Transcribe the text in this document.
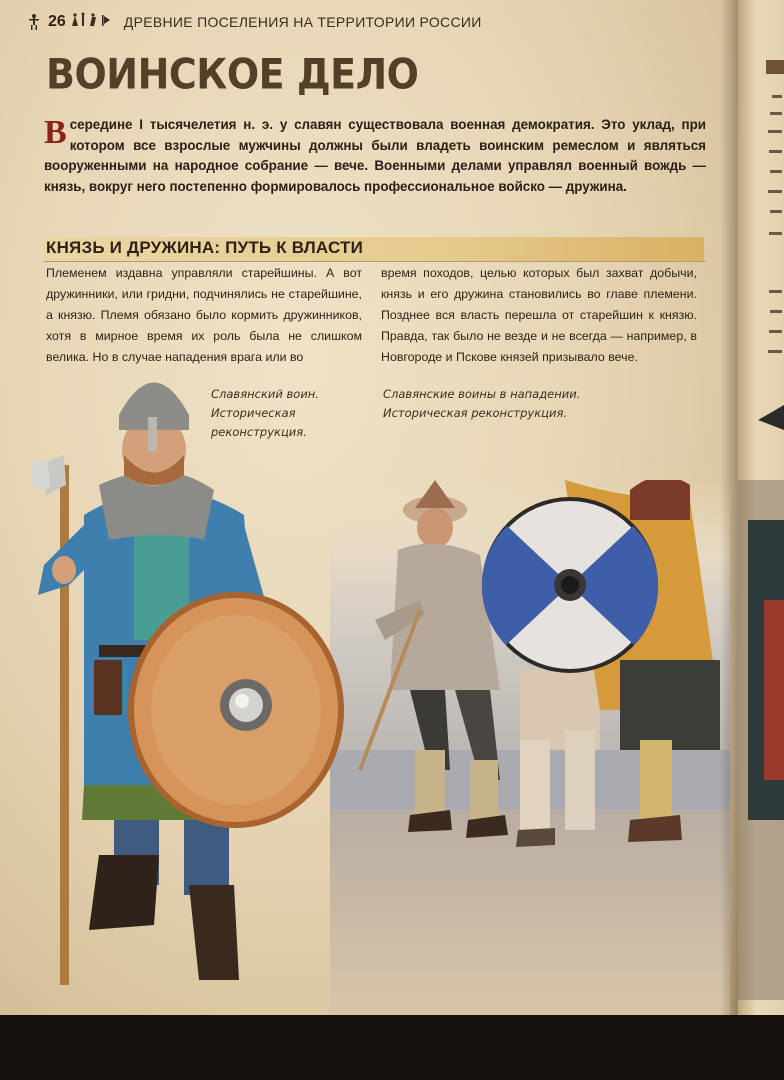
26	ДРЕВНИЕ ПОСЕЛЕНИЯ НА ТЕРРИТОРИИ РОССИИ
ВОИНСКОЕ ДЕЛО
Всередине I тысячелетия н. э. у славян существовала военная демократия. Это уклад, при котором все взрослые мужчины должны были владеть воинским ремеслом и являться вооруженными на народное собрание — вече. Военными делами управлял военный вождь — князь, вокруг него постепенно формировалось профессиональное войско — дружина.
КНЯЗЬ И ДРУЖИНА: ПУТЬ К ВЛАСТИ
Племенем издавна управляли старейшины. А вот дружинники, или гридни, подчинялись не старейшине, а князю. Племя обязано было кормить дружинников, хотя в мирное время их роль была не слишком велика. Но в случае нападения врага или во
время походов, целью которых был захват добычи, князь и его дружина становились во главе племени. Позднее вся власть перешла от старейшин к князю. Правда, так было не везде и не всегда — например, в Новгороде и Пскове князей призывало вече.
Славянский воин. Историческая реконструкция.
Славянские воины в нападении. Историческая реконструкция.
